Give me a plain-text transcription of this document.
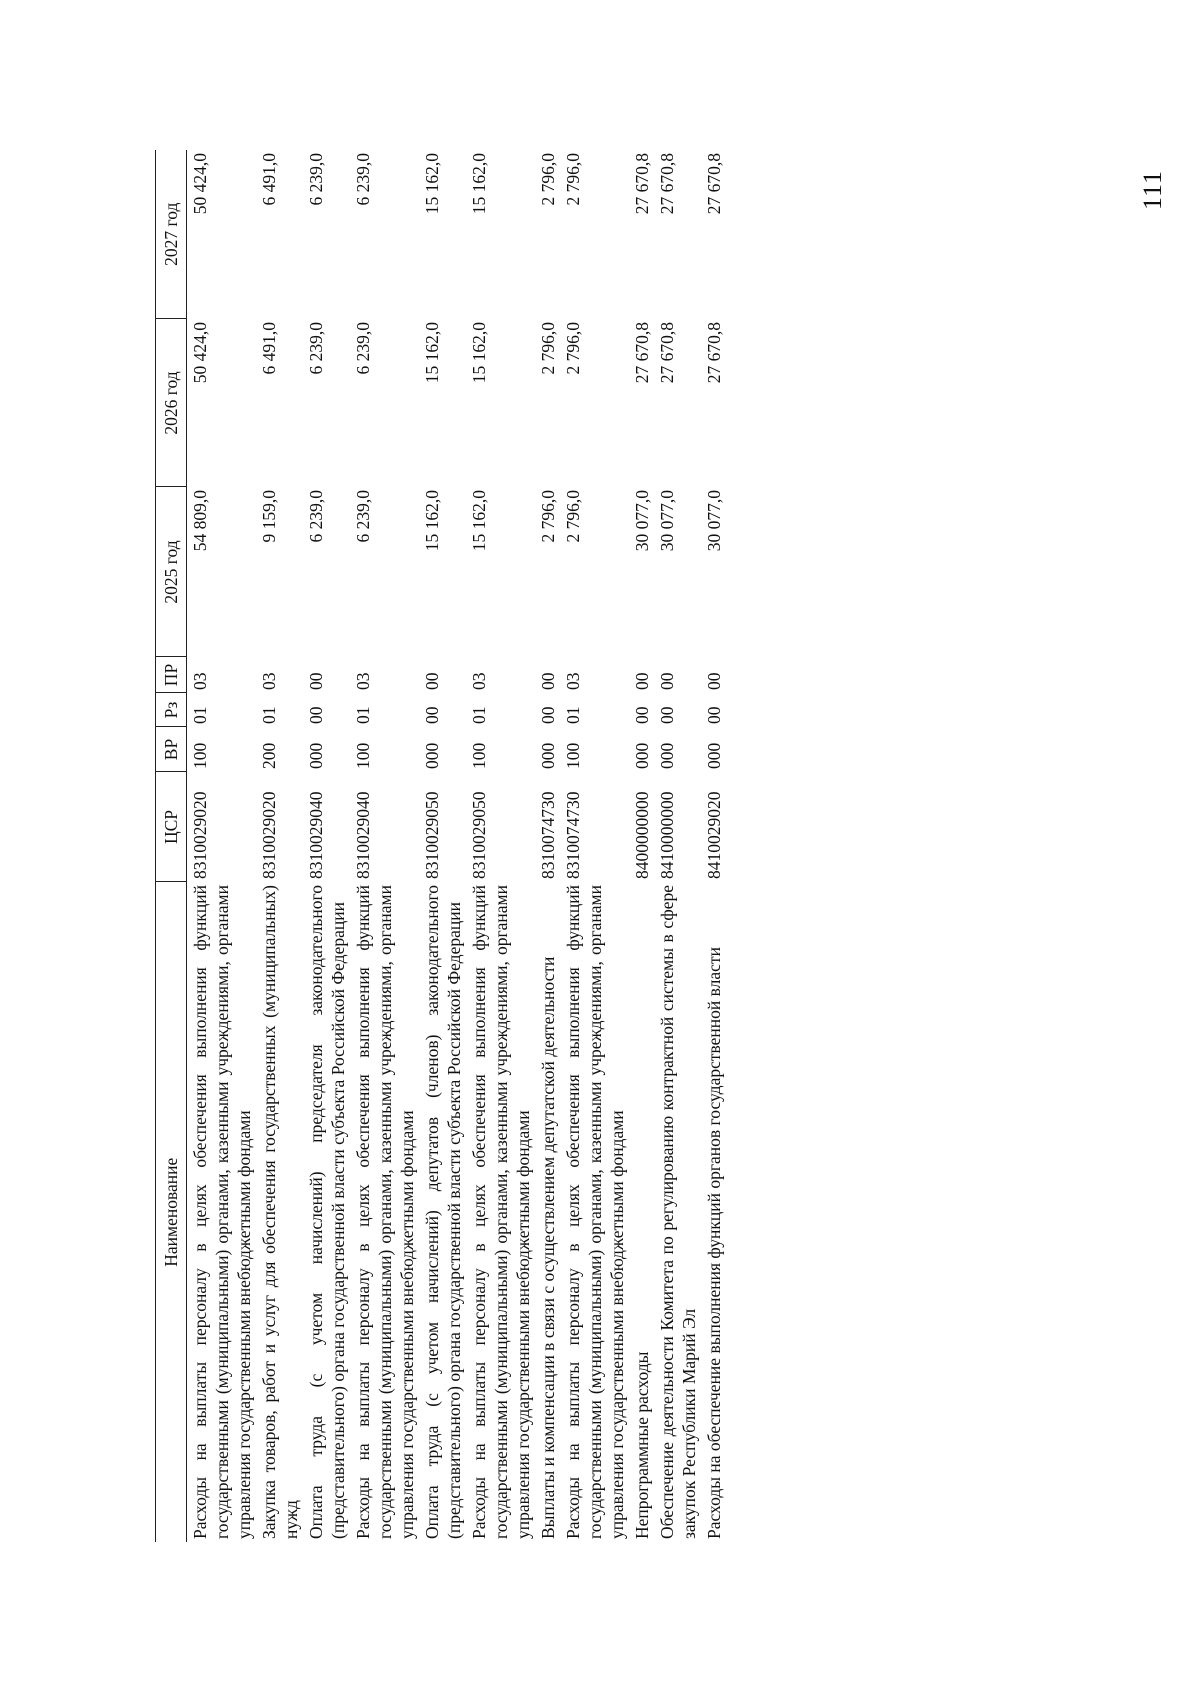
111
Наименование	ЦСР	ВР	Рз	ПР	2025 год	2026 год	2027 год
Расходы на выплаты персоналу в целях обеспечения выполнения функций государственными (муниципальными) органами, казенными учреждениями, органами управления государственными внебюджетными фондами	8310029020	100	01	03	54 809,0	50 424,0	50 424,0
Закупка товаров, работ и услуг для обеспечения государственных (муниципальных) нужд	8310029020	200	01	03	9 159,0	6 491,0	6 491,0
Оплата труда (с учетом начислений) председателя законодательного (представительного) органа государственной власти субъекта Российской Федерации	8310029040	000	00	00	6 239,0	6 239,0	6 239,0
Расходы на выплаты персоналу в целях обеспечения выполнения функций государственными (муниципальными) органами, казенными учреждениями, органами управления государственными внебюджетными фондами	8310029040	100	01	03	6 239,0	6 239,0	6 239,0
Оплата труда (с учетом начислений) депутатов (членов) законодательного (представительного) органа государственной власти субъекта Российской Федерации	8310029050	000	00	00	15 162,0	15 162,0	15 162,0
Расходы на выплаты персоналу в целях обеспечения выполнения функций государственными (муниципальными) органами, казенными учреждениями, органами управления государственными внебюджетными фондами	8310029050	100	01	03	15 162,0	15 162,0	15 162,0
Выплаты и компенсации в связи с осуществлением депутатской деятельности	8310074730	000	00	00	2 796,0	2 796,0	2 796,0
Расходы на выплаты персоналу в целях обеспечения выполнения функций государственными (муниципальными) органами, казенными учреждениями, органами управления государственными внебюджетными фондами	8310074730	100	01	03	2 796,0	2 796,0	2 796,0
Непрограммные расходы	8400000000	000	00	00	30 077,0	27 670,8	27 670,8
Обеспечение деятельности Комитета по регулированию контрактной системы в сфере закупок Республики Марий Эл	8410000000	000	00	00	30 077,0	27 670,8	27 670,8
Расходы на обеспечение выполнения функций органов государственной власти	8410029020	000	00	00	30 077,0	27 670,8	27 670,8
